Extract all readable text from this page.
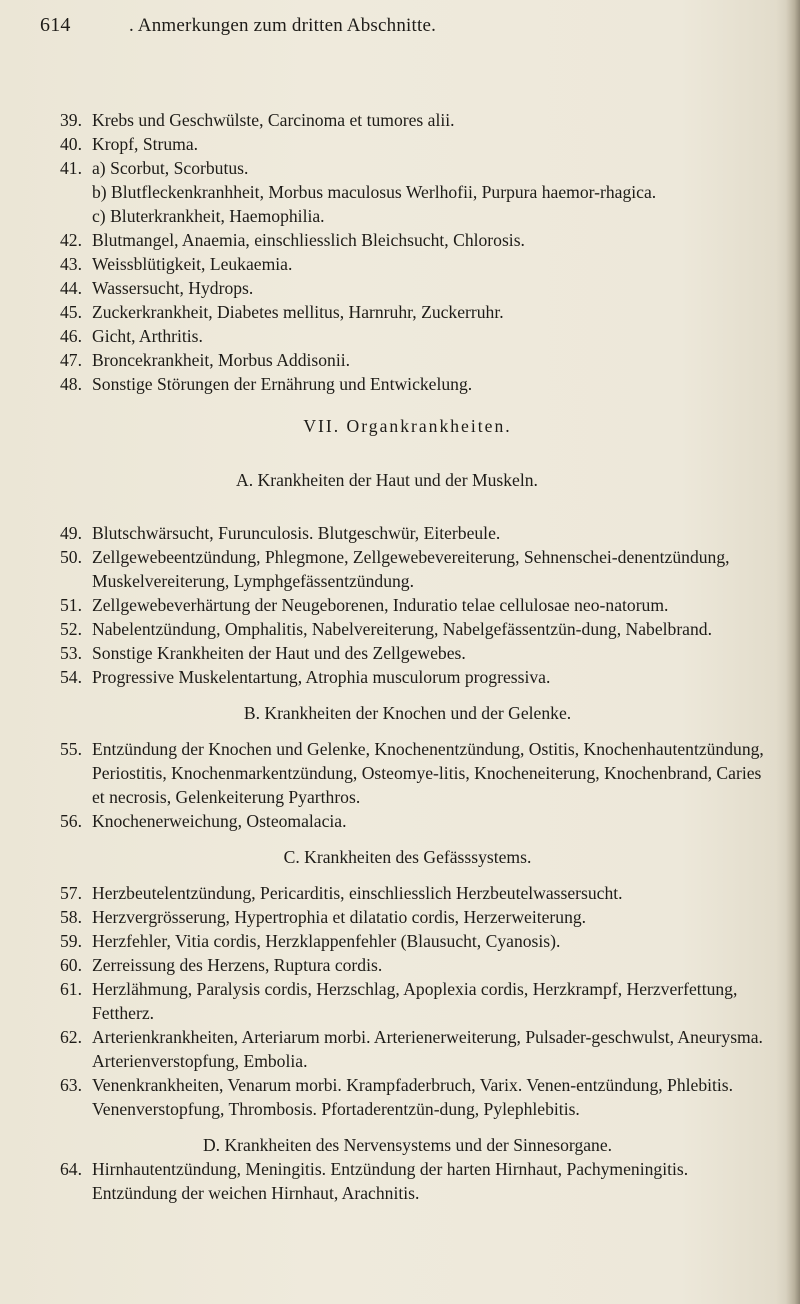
614	. Anmerkungen zum dritten Abschnitte.
39. Krebs und Geschwülste, Carcinoma et tumores alii.
40. Kropf, Struma.
41. a) Scorbut, Scorbutus.
b) Blutfleckenkranhheit, Morbus maculosus Werlhofii, Purpura haemor-rhagica.
c) Bluterkrankheit, Haemophilia.
42. Blutmangel, Anaemia, einschliesslich Bleichsucht, Chlorosis.
43. Weissblütigkeit, Leukaemia.
44. Wassersucht, Hydrops.
45. Zuckerkrankheit, Diabetes mellitus, Harnruhr, Zuckerruhr.
46. Gicht, Arthritis.
47. Broncekrankheit, Morbus Addisonii.
48. Sonstige Störungen der Ernährung und Entwickelung.

VII. Organkrankheiten.

A. Krankheiten der Haut und der Muskeln.

49. Blutschwärsucht, Furunculosis. Blutgeschwür, Eiterbeule.
50. Zellgewebeentzündung, Phlegmone, Zellgewebevereiterung, Sehnenschei-denentzündung, Muskelvereiterung, Lymphgefässentzündung.
51. Zellgewebeverhärtung der Neugeborenen, Induratio telae cellulosae neo-natorum.
52. Nabelentzündung, Omphalitis, Nabelvereiterung, Nabelgefässentzün-dung, Nabelbrand.
53. Sonstige Krankheiten der Haut und des Zellgewebes.
54. Progressive Muskelentartung, Atrophia musculorum progressiva.

B. Krankheiten der Knochen und der Gelenke.

55. Entzündung der Knochen und Gelenke, Knochenentzündung, Ostitis, Knochenhautentzündung, Periostitis, Knochenmarkentzündung, Osteomye-litis, Knocheneiterung, Knochenbrand, Caries et necrosis, Gelenkeiterung Pyarthros.
56. Knochenerweichung, Osteomalacia.

C. Krankheiten des Gefässsystems.

57. Herzbeutelentzündung, Pericarditis, einschliesslich Herzbeutelwassersucht.
58. Herzvergrösserung, Hypertrophia et dilatatio cordis, Herzerweiterung.
59. Herzfehler, Vitia cordis, Herzklappenfehler (Blausucht, Cyanosis).
60. Zerreissung des Herzens, Ruptura cordis.
61. Herzlähmung, Paralysis cordis, Herzschlag, Apoplexia cordis, Herzkrampf, Herzverfettung, Fettherz.
62. Arterienkrankheiten, Arteriarum morbi. Arterienerweiterung, Pulsader-geschwulst, Aneurysma. Arterienverstopfung, Embolia.
63. Venenkrankheiten, Venarum morbi. Krampfaderbruch, Varix. Venen-entzündung, Phlebitis. Venenverstopfung, Thrombosis. Pfortaderentzün-dung, Pylephlebitis.

D. Krankheiten des Nervensystems und der Sinnesorgane.

64. Hirnhautentzündung, Meningitis. Entzündung der harten Hirnhaut, Pachymeningitis. Entzündung der weichen Hirnhaut, Arachnitis.
